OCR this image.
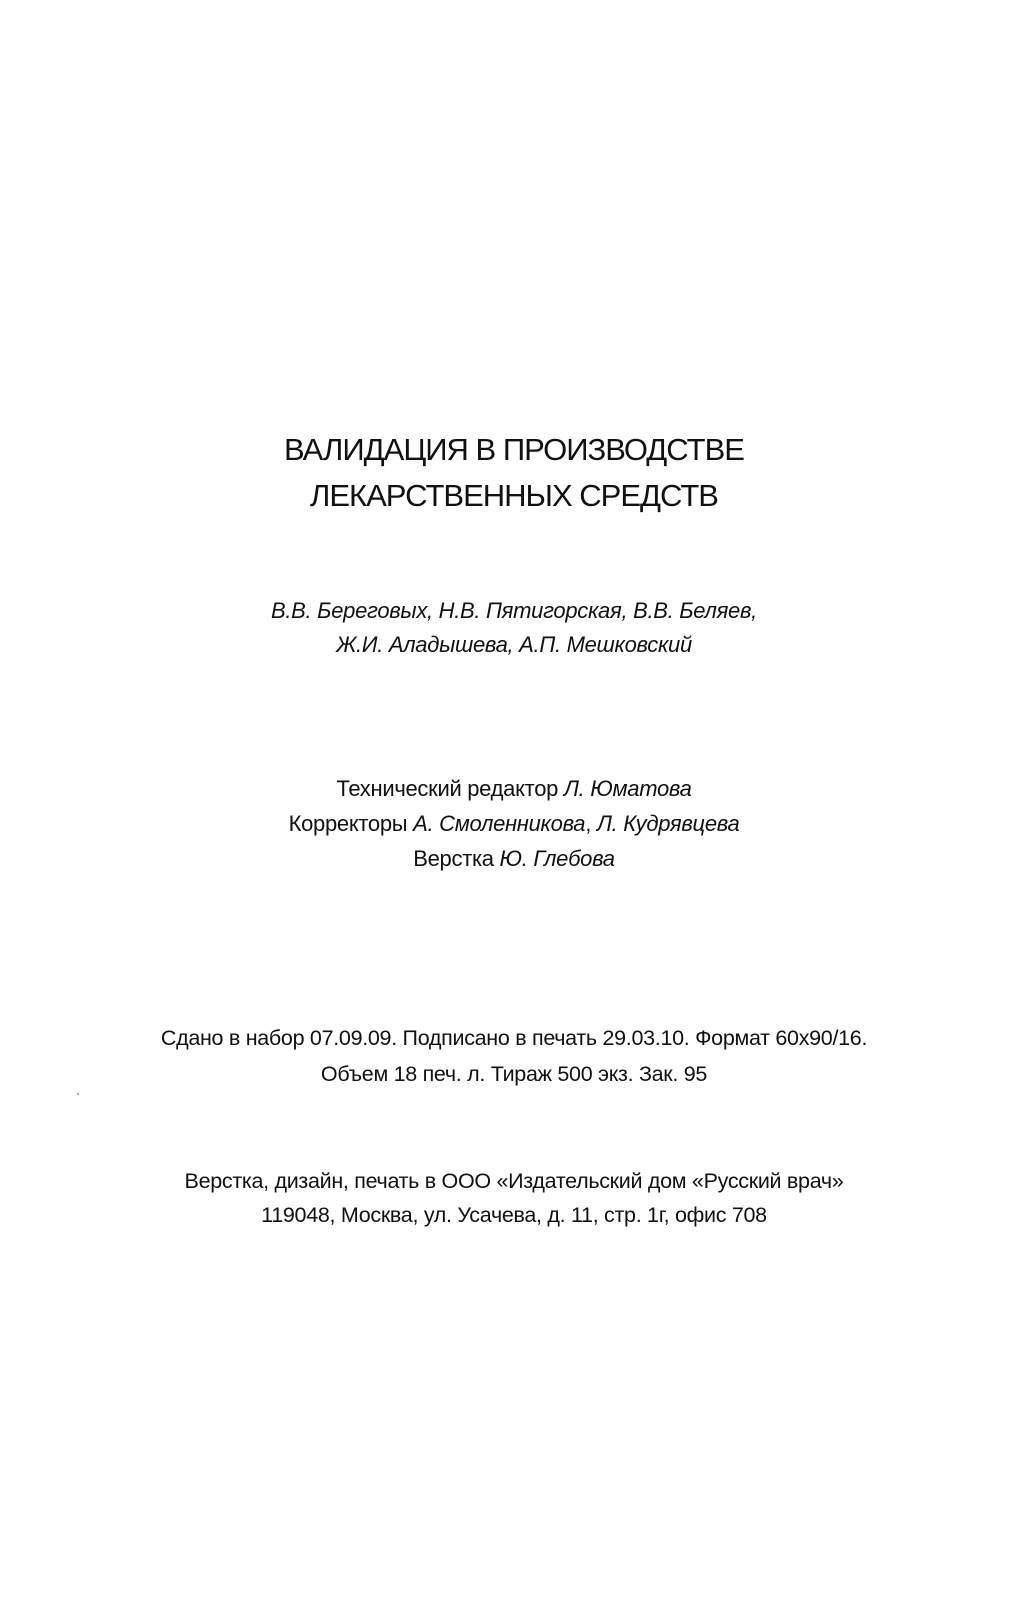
ВАЛИДАЦИЯ В ПРОИЗВОДСТВЕ
ЛЕКАРСТВЕННЫХ СРЕДСТВ
В.В. Береговых, Н.В. Пятигорская, В.В. Беляев,
Ж.И. Аладышева, А.П. Мешковский
Технический редактор Л. Юматова
Корректоры А. Смоленникова, Л. Кудрявцева
Верстка Ю. Глебова
Сдано в набор 07.09.09. Подписано в печать 29.03.10. Формат 60x90/16.
Объем 18 печ. л. Тираж 500 экз. Зак. 95
Верстка, дизайн, печать в ООО «Издательский дом «Русский врач»
119048, Москва, ул. Усачева, д. 11, стр. 1г, офис 708
